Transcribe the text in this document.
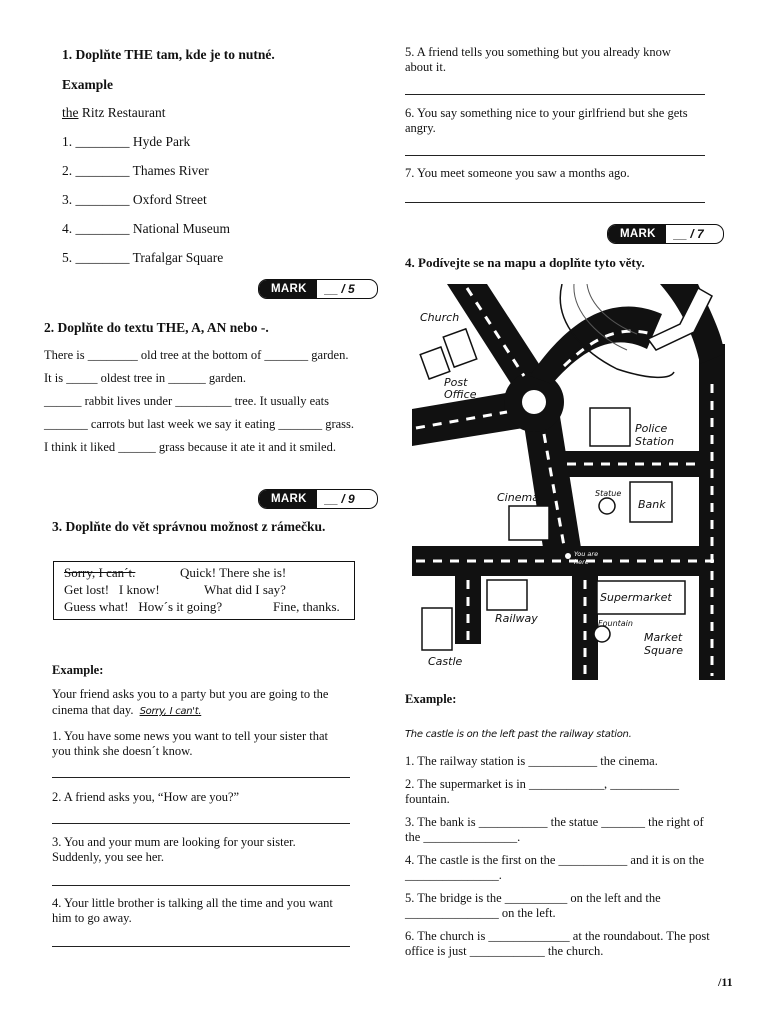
1. Doplňte THE tam, kde je to nutné.
Example
the Ritz Restaurant
1. ________ Hyde Park
2. ________ Thames River
3. ________ Oxford Street
4. ________ National Museum
5. ________ Trafalgar Square
MARK	__ / 5
2. Doplňte do textu THE, A, AN nebo -.
There is ________ old tree at the bottom of _______ garden.
It is _____ oldest tree in ______ garden.
______ rabbit lives under _________ tree. It usually eats
_______ carrots but last week we say it eating _______ grass.
I think it liked ______ grass because it ate it and it smiled.
MARK	__ / 9
3. Doplňte do vět správnou možnost z rámečku.
Sorry, I can´t.	Quick! There she is!
Get lost!   I know!	What did I say?
Guess what!   How´s it going?	Fine, thanks.
Example:
Your friend asks you to a party but you are going to the
cinema that day. Sorry, I can't.
1. You have some news you want to tell your sister that
you think she doesn´t know.
2. A friend asks you, “How are you?”
3. You and your mum are looking for your sister.
Suddenly, you see her.
4. Your little brother is talking all the time and you want
him to go away.
5. A friend tells you something but you already know
about it.
6. You say something nice to your girlfriend but she gets
angry.
7. You meet someone you saw a months ago.
MARK	__ / 7
4. Podívejte se na mapu a doplňte tyto věty.
Church
Post
Office
Police
Station
Cinema	Statue
Bank
You are
here
Supermarket
Fountain
Railway
Market
Square
Castle
Example:
The castle is on the left past the railway station.
1. The railway station is ___________ the cinema.
2. The supermarket is in ____________, ___________
fountain.
3. The bank is ___________ the statue _______ the right of
the _______________.
4. The castle is the first on the ___________ and it is on the
_______________.
5. The bridge is the __________ on the left and the
_______________ on the left.
6. The church is _____________ at the roundabout. The post
office is just ____________ the church.
/11
